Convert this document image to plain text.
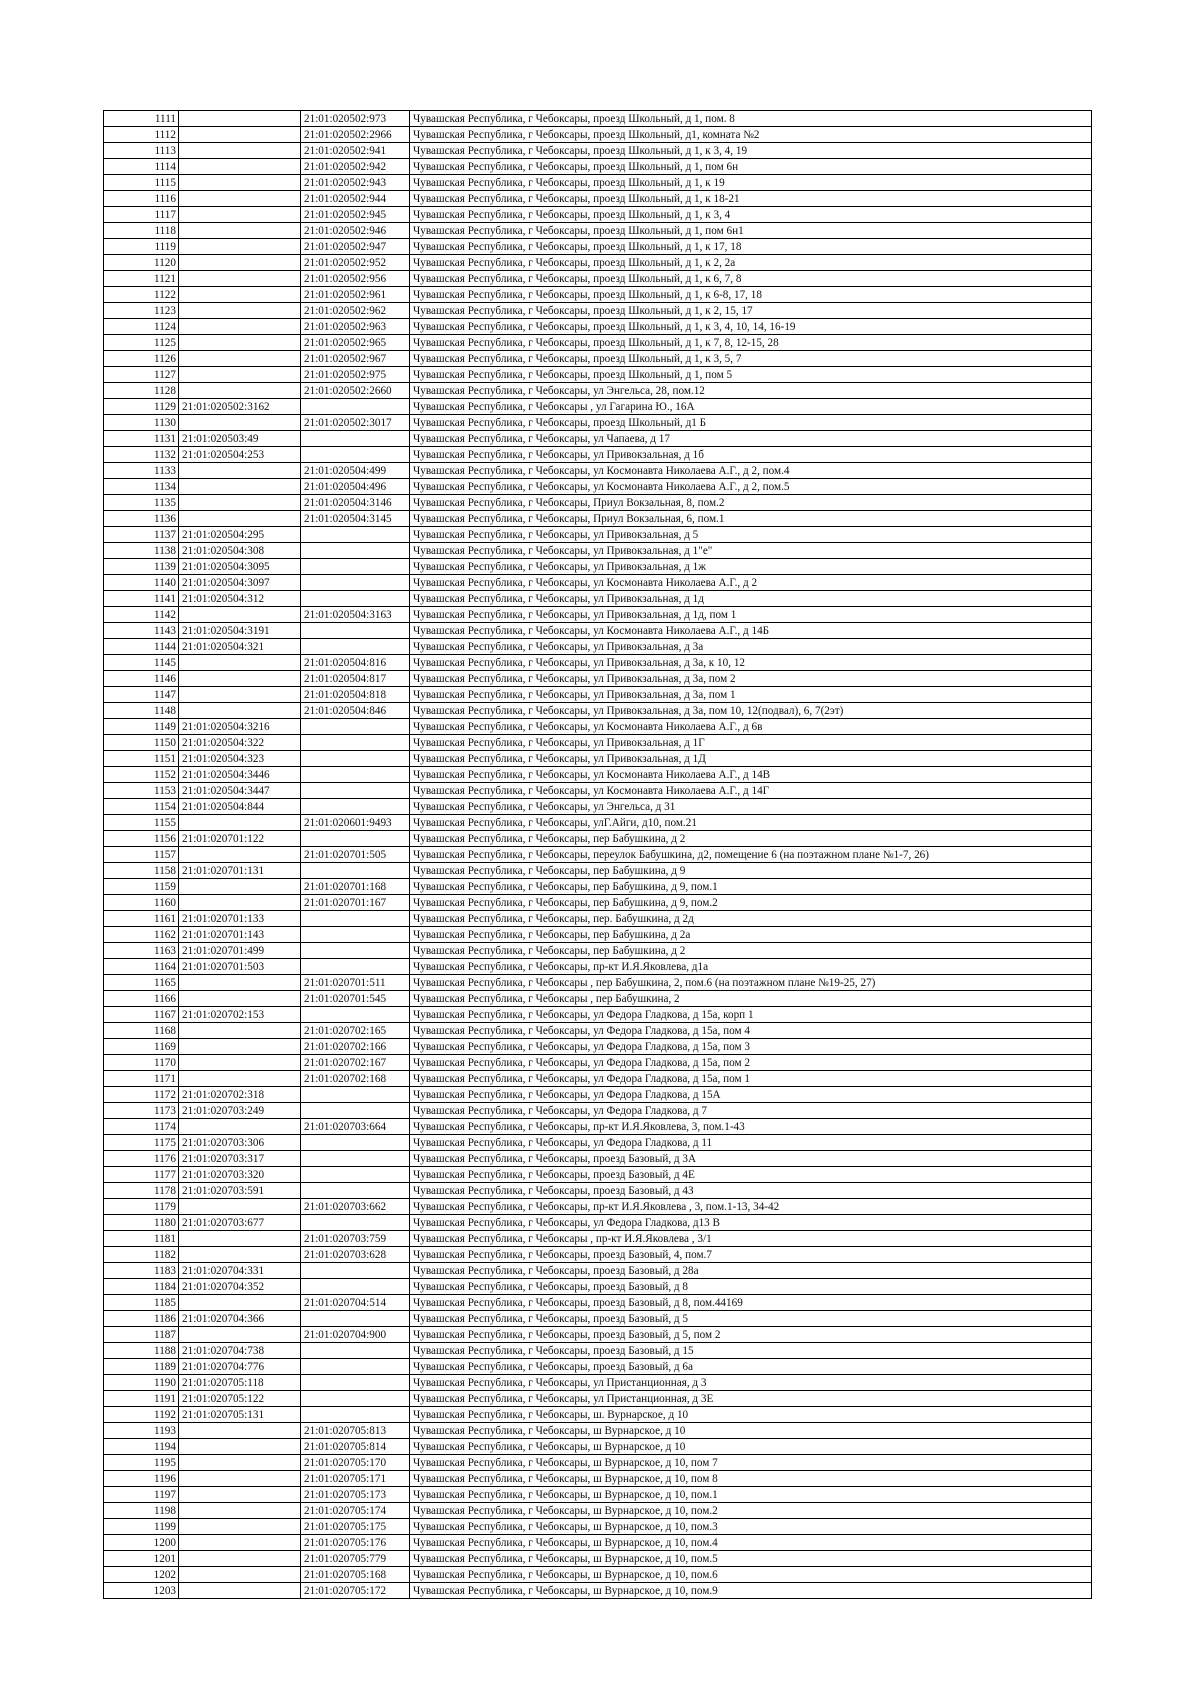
1111		21:01:020502:973	Чувашская Республика, г Чебоксары, проезд Школьный, д 1, пом. 8
1112		21:01:020502:2966	Чувашская Республика, г Чебоксары, проезд Школьный, д1, комната №2
1113		21:01:020502:941	Чувашская Республика, г Чебоксары, проезд Школьный, д 1, к 3, 4, 19
1114		21:01:020502:942	Чувашская Республика, г Чебоксары, проезд Школьный, д 1, пом 6н
1115		21:01:020502:943	Чувашская Республика, г Чебоксары, проезд Школьный, д 1, к 19
1116		21:01:020502:944	Чувашская Республика, г Чебоксары, проезд Школьный, д 1, к 18-21
1117		21:01:020502:945	Чувашская Республика, г Чебоксары, проезд Школьный, д 1, к 3, 4
1118		21:01:020502:946	Чувашская Республика, г Чебоксары, проезд Школьный, д 1, пом 6н1
1119		21:01:020502:947	Чувашская Республика, г Чебоксары, проезд Школьный, д 1, к 17, 18
1120		21:01:020502:952	Чувашская Республика, г Чебоксары, проезд Школьный, д 1, к 2, 2а
1121		21:01:020502:956	Чувашская Республика, г Чебоксары, проезд Школьный, д 1, к 6, 7, 8
1122		21:01:020502:961	Чувашская Республика, г Чебоксары, проезд Школьный, д 1, к 6-8, 17, 18
1123		21:01:020502:962	Чувашская Республика, г Чебоксары, проезд Школьный, д 1, к 2, 15, 17
1124		21:01:020502:963	Чувашская Республика, г Чебоксары, проезд Школьный, д 1, к 3, 4, 10, 14, 16-19
1125		21:01:020502:965	Чувашская Республика, г Чебоксары, проезд Школьный, д 1, к 7, 8, 12-15, 28
1126		21:01:020502:967	Чувашская Республика, г Чебоксары, проезд Школьный, д 1, к 3, 5, 7
1127		21:01:020502:975	Чувашская Республика, г Чебоксары, проезд Школьный, д 1, пом 5
1128		21:01:020502:2660	Чувашская Республика, г Чебоксары, ул Энгельса, 28, пом.12
1129	21:01:020502:3162		Чувашская Республика, г Чебоксары , ул Гагарина Ю., 16А
1130		21:01:020502:3017	Чувашская Республика, г Чебоксары, проезд Школьный, д1 Б
1131	21:01:020503:49		Чувашская Республика, г Чебоксары, ул Чапаева, д 17
1132	21:01:020504:253		Чувашская Республика, г Чебоксары, ул Привокзальная, д 1б
1133		21:01:020504:499	Чувашская Республика, г Чебоксары, ул Космонавта Николаева А.Г., д 2, пом.4
1134		21:01:020504:496	Чувашская Республика, г Чебоксары, ул Космонавта Николаева А.Г., д 2, пом.5
1135		21:01:020504:3146	Чувашская Республика, г Чебоксары, Приул Вокзальная, 8, пом.2
1136		21:01:020504:3145	Чувашская Республика, г Чебоксары, Приул Вокзальная, 6, пом.1
1137	21:01:020504:295		Чувашская Республика, г Чебоксары, ул Привокзальная, д 5
1138	21:01:020504:308		Чувашская Республика, г Чебоксары, ул Привокзальная, д 1"е"
1139	21:01:020504:3095		Чувашская Республика, г Чебоксары, ул Привокзальная, д 1ж
1140	21:01:020504:3097		Чувашская Республика, г Чебоксары, ул Космонавта Николаева А.Г., д 2
1141	21:01:020504:312		Чувашская Республика, г Чебоксары, ул Привокзальная, д 1д
1142		21:01:020504:3163	Чувашская Республика, г Чебоксары, ул Привокзальная, д 1д, пом 1
1143	21:01:020504:3191		Чувашская Республика, г Чебоксары, ул Космонавта Николаева А.Г., д 14Б
1144	21:01:020504:321		Чувашская Республика, г Чебоксары, ул Привокзальная, д 3а
1145		21:01:020504:816	Чувашская Республика, г Чебоксары, ул Привокзальная, д 3а, к 10, 12
1146		21:01:020504:817	Чувашская Республика, г Чебоксары, ул Привокзальная, д 3а, пом 2
1147		21:01:020504:818	Чувашская Республика, г Чебоксары, ул Привокзальная, д 3а, пом 1
1148		21:01:020504:846	Чувашская Республика, г Чебоксары, ул Привокзальная, д 3а, пом 10, 12(подвал), 6, 7(2эт)
1149	21:01:020504:3216		Чувашская Республика, г Чебоксары, ул Космонавта Николаева А.Г., д 6в
1150	21:01:020504:322		Чувашская Республика, г Чебоксары, ул Привокзальная, д 1Г
1151	21:01:020504:323		Чувашская Республика, г Чебоксары, ул Привокзальная, д 1Д
1152	21:01:020504:3446		Чувашская Республика, г Чебоксары, ул Космонавта Николаева А.Г., д 14В
1153	21:01:020504:3447		Чувашская Республика, г Чебоксары, ул Космонавта Николаева А.Г., д 14Г
1154	21:01:020504:844		Чувашская Республика, г Чебоксары, ул Энгельса, д 31
1155		21:01:020601:9493	Чувашская Республика, г Чебоксары, улГ.Айги, д10, пом.21
1156	21:01:020701:122		Чувашская Республика, г Чебоксары, пер Бабушкина, д 2
1157		21:01:020701:505	Чувашская Республика, г Чебоксары, переулок Бабушкина, д2, помещение 6 (на поэтажном плане №1-7, 26)
1158	21:01:020701:131		Чувашская Республика, г Чебоксары, пер Бабушкина, д 9
1159		21:01:020701:168	Чувашская Республика, г Чебоксары, пер Бабушкина, д 9, пом.1
1160		21:01:020701:167	Чувашская Республика, г Чебоксары, пер Бабушкина, д 9, пом.2
1161	21:01:020701:133		Чувашская Республика, г Чебоксары, пер. Бабушкина, д 2д
1162	21:01:020701:143		Чувашская Республика, г Чебоксары, пер Бабушкина, д 2а
1163	21:01:020701:499		Чувашская Республика, г Чебоксары, пер Бабушкина, д 2
1164	21:01:020701:503		Чувашская Республика, г Чебоксары, пр-кт И.Я.Яковлева, д1а
1165		21:01:020701:511	Чувашская Республика, г Чебоксары , пер Бабушкина, 2, пом.6 (на поэтажном плане №19-25, 27)
1166		21:01:020701:545	Чувашская Республика, г Чебоксары , пер Бабушкина, 2
1167	21:01:020702:153		Чувашская Республика, г Чебоксары, ул Федора Гладкова, д 15а, корп 1
1168		21:01:020702:165	Чувашская Республика, г Чебоксары, ул Федора Гладкова, д 15а, пом 4
1169		21:01:020702:166	Чувашская Республика, г Чебоксары, ул Федора Гладкова, д 15а, пом 3
1170		21:01:020702:167	Чувашская Республика, г Чебоксары, ул Федора Гладкова, д 15а, пом 2
1171		21:01:020702:168	Чувашская Республика, г Чебоксары, ул Федора Гладкова, д 15а, пом 1
1172	21:01:020702:318		Чувашская Республика, г Чебоксары, ул Федора Гладкова, д 15А
1173	21:01:020703:249		Чувашская Республика, г Чебоксары, ул Федора Гладкова, д 7
1174		21:01:020703:664	Чувашская Республика, г Чебоксары, пр-кт И.Я.Яковлева, 3, пом.1-43
1175	21:01:020703:306		Чувашская Республика, г Чебоксары, ул Федора Гладкова, д 11
1176	21:01:020703:317		Чувашская Республика, г Чебоксары, проезд Базовый, д 3А
1177	21:01:020703:320		Чувашская Республика, г Чебоксары, проезд Базовый, д 4Е
1178	21:01:020703:591		Чувашская Республика, г Чебоксары, проезд Базовый, д 4З
1179		21:01:020703:662	Чувашская Республика, г Чебоксары, пр-кт И.Я.Яковлева , 3, пом.1-13, 34-42
1180	21:01:020703:677		Чувашская Республика, г Чебоксары, ул Федора Гладкова, д13 В
1181		21:01:020703:759	Чувашская Республика, г Чебоксары , пр-кт И.Я.Яковлева , 3/1
1182		21:01:020703:628	Чувашская Республика, г Чебоксары, проезд Базовый, 4, пом.7
1183	21:01:020704:331		Чувашская Республика, г Чебоксары, проезд Базовый, д 28а
1184	21:01:020704:352		Чувашская Республика, г Чебоксары, проезд Базовый, д 8
1185		21:01:020704:514	Чувашская Республика, г Чебоксары, проезд Базовый, д 8, пом.44169
1186	21:01:020704:366		Чувашская Республика, г Чебоксары, проезд Базовый, д 5
1187		21:01:020704:900	Чувашская Республика, г Чебоксары, проезд Базовый, д 5, пом 2
1188	21:01:020704:738		Чувашская Республика, г Чебоксары, проезд Базовый, д 15
1189	21:01:020704:776		Чувашская Республика, г Чебоксары, проезд Базовый, д 6а
1190	21:01:020705:118		Чувашская Республика, г Чебоксары, ул Пристанционная, д 3
1191	21:01:020705:122		Чувашская Республика, г Чебоксары, ул Пристанционная, д 3Е
1192	21:01:020705:131		Чувашская Республика, г Чебоксары, ш. Вурнарское, д 10
1193		21:01:020705:813	Чувашская Республика, г Чебоксары, ш Вурнарское, д 10
1194		21:01:020705:814	Чувашская Республика, г Чебоксары, ш Вурнарское, д 10
1195		21:01:020705:170	Чувашская Республика, г Чебоксары, ш Вурнарское, д 10, пом 7
1196		21:01:020705:171	Чувашская Республика, г Чебоксары, ш Вурнарское, д 10, пом 8
1197		21:01:020705:173	Чувашская Республика, г Чебоксары, ш Вурнарское, д 10, пом.1
1198		21:01:020705:174	Чувашская Республика, г Чебоксары, ш Вурнарское, д 10, пом.2
1199		21:01:020705:175	Чувашская Республика, г Чебоксары, ш Вурнарское, д 10, пом.3
1200		21:01:020705:176	Чувашская Республика, г Чебоксары, ш Вурнарское, д 10, пом.4
1201		21:01:020705:779	Чувашская Республика, г Чебоксары, ш Вурнарское, д 10, пом.5
1202		21:01:020705:168	Чувашская Республика, г Чебоксары, ш Вурнарское, д 10, пом.6
1203		21:01:020705:172	Чувашская Республика, г Чебоксары, ш Вурнарское, д 10, пом.9
